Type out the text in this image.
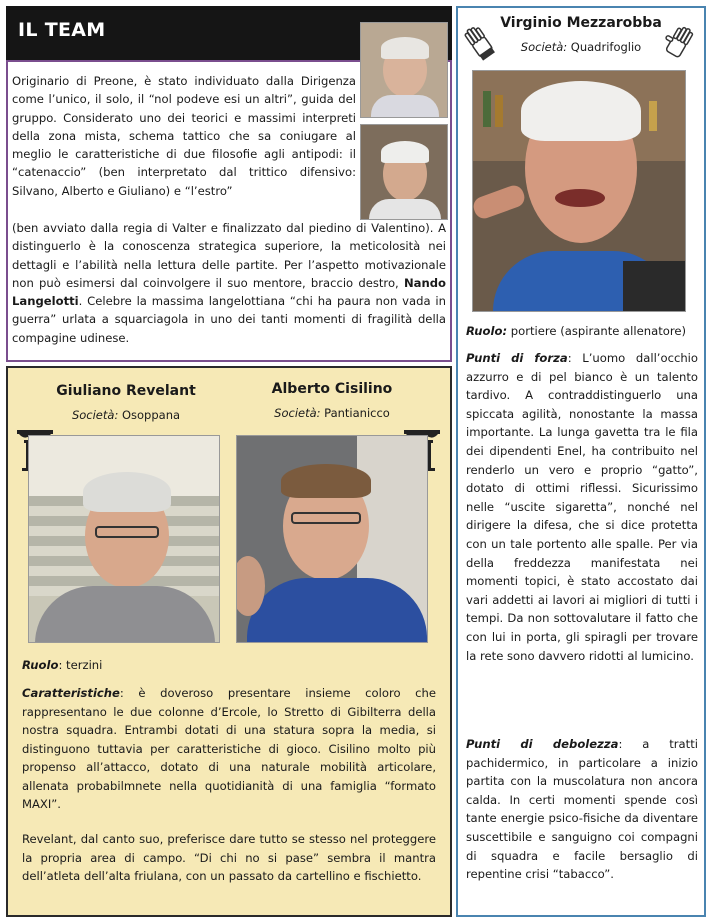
IL TEAM
Originario di Preone, è stato individuato dalla Dirigenza come l’unico, il solo, il “nol podeve esi un altri”, guida del gruppo. Considerato uno dei teorici e massimi interpreti della zona mista, schema tattico che sa coniugare al meglio le caratteristiche di due filosofie agli antipodi: il “catenaccio” (ben interpretato dal trittico difensivo: Silvano, Alberto e Giuliano) e “l’estro”
(ben avviato dalla regia di Valter e finalizzato dal piedino di Valentino). A distinguerlo è la conoscenza strategica superiore, la meticolosità nei dettagli e l’abilità nella lettura delle partite. Per l’aspetto motivazionale non può esimersi dal coinvolgere il suo mentore, braccio destro, Nando Langelotti. Celebre la massima langelottiana “chi ha paura non vada in guerra” urlata a squarciagola in uno dei tanti momenti di fragilità della compagine udinese.
Giuliano Revelant
Società: Osoppana
Alberto Cisilino
Società: Pantianicco
Ruolo: terzini
Caratteristiche: è doveroso presentare insieme coloro che rappresentano le due colonne d’Ercole, lo Stretto di Gibilterra della nostra squadra. Entrambi dotati di una statura sopra la media, si distinguono tuttavia per caratteristiche di gioco. Cisilino molto più propenso all’attacco, dotato di una naturale mobilità articolare, allenata probabilmnete nella quotidianità di una famiglia “formato MAXI”.
Revelant, dal canto suo, preferisce dare tutto se stesso nel proteggere la propria area di campo. “Di chi no si pase” sembra il mantra dell’atleta dell’alta friulana, con un passato da cartellino e fischietto.
Virginio Mezzarobba
Società: Quadrifoglio
Ruolo: portiere (aspirante allenatore)
Punti di forza: L’uomo dall’occhio azzurro e di pel bianco è un talento tardivo. A contraddistinguerlo una spiccata agilità, nonostante la massa importante. La lunga gavetta tra le fila dei dipendenti Enel, ha contribuito nel renderlo un vero e proprio “gatto”, dotato di ottimi riflessi. Sicurissimo nelle “uscite sigaretta”, nonché nel dirigere la difesa, che si dice protetta con un tale portento alle spalle. Per via della freddezza manifestata nei momenti topici, è stato accostato dai vari addetti ai lavori ai migliori di tutti i tempi. Da non sottovalutare il fatto che con lui in porta, gli spiragli per trovare la rete sono davvero ridotti al lumicino.
Punti di debolezza: a tratti pachidermico, in particolare a inizio partita con la muscolatura non ancora calda. In certi momenti spende così tante energie psico-fisiche da diventare suscettibile e sanguigno coi compagni di squadra e facile bersaglio di repentine crisi “tabacco”.
